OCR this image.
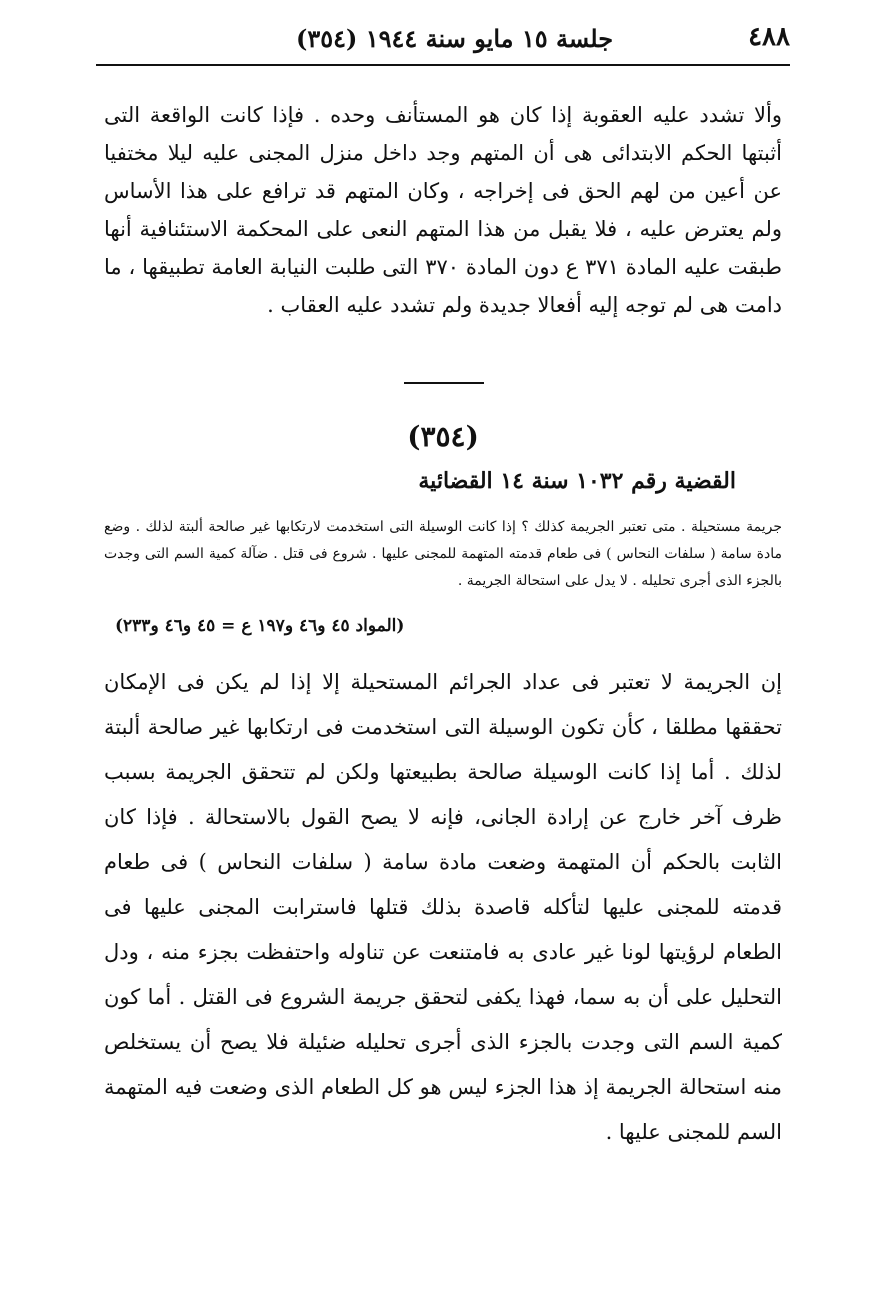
٤٨٨
جلسة ١٥ مايو سنة ١٩٤٤ (٣٥٤)

وألا تشدد عليه العقوبة إذا كان هو المستأنف وحده . فإذا كانت الواقعة التى أثبتها الحكم الابتدائى هى أن المتهم وجد داخل منزل المجنى عليه ليلا مختفيا عن أعين من لهم الحق فى إخراجه ، وكان المتهم قد ترافع على هذا الأساس ولم يعترض عليه ، فلا يقبل من هذا المتهم النعى على المحكمة الاستئنافية أنها طبقت عليه المادة ٣٧١ ع دون المادة ٣٧٠ التى طلبت النيابة العامة تطبيقها ، ما دامت هى لم توجه إليه أفعالا جديدة ولم تشدد عليه العقاب .

(٣٥٤)
القضية رقم ١٠٣٢ سنة ١٤ القضائية

جريمة مستحيلة . متى تعتبر الجريمة كذلك ؟ إذا كانت الوسيلة التى استخدمت لارتكابها غير صالحة ألبتة لذلك . وضع مادة سامة ( سلفات النحاس ) فى طعام قدمته المتهمة للمجنى عليها . شروع فى قتل . ضآلة كمية السم التى وجدت بالجزء الذى أجرى تحليله . لا يدل على استحالة الجريمة .

(المواد ٤٥ و٤٦ و١٩٧ ع = ٤٥ و٤٦ و٢٣٣)

إن الجريمة لا تعتبر فى عداد الجرائم المستحيلة إلا إذا لم يكن فى الإمكان تحققها مطلقا ، كأن تكون الوسيلة التى استخدمت فى ارتكابها غير صالحة ألبتة لذلك . أما إذا كانت الوسيلة صالحة بطبيعتها ولكن لم تتحقق الجريمة بسبب ظرف آخر خارج عن إرادة الجانى، فإنه لا يصح القول بالاستحالة . فإذا كان الثابت بالحكم أن المتهمة وضعت مادة سامة ( سلفات النحاس ) فى طعام قدمته للمجنى عليها لتأكله قاصدة بذلك قتلها فاسترابت المجنى عليها فى الطعام لرؤيتها لونا غير عادى به فامتنعت عن تناوله واحتفظت بجزء منه ، ودل التحليل على أن به سما، فهذا يكفى لتحقق جريمة الشروع فى القتل . أما كون كمية السم التى وجدت بالجزء الذى أجرى تحليله ضئيلة فلا يصح أن يستخلص منه استحالة الجريمة إذ هذا الجزء ليس هو كل الطعام الذى وضعت فيه المتهمة السم للمجنى عليها .
